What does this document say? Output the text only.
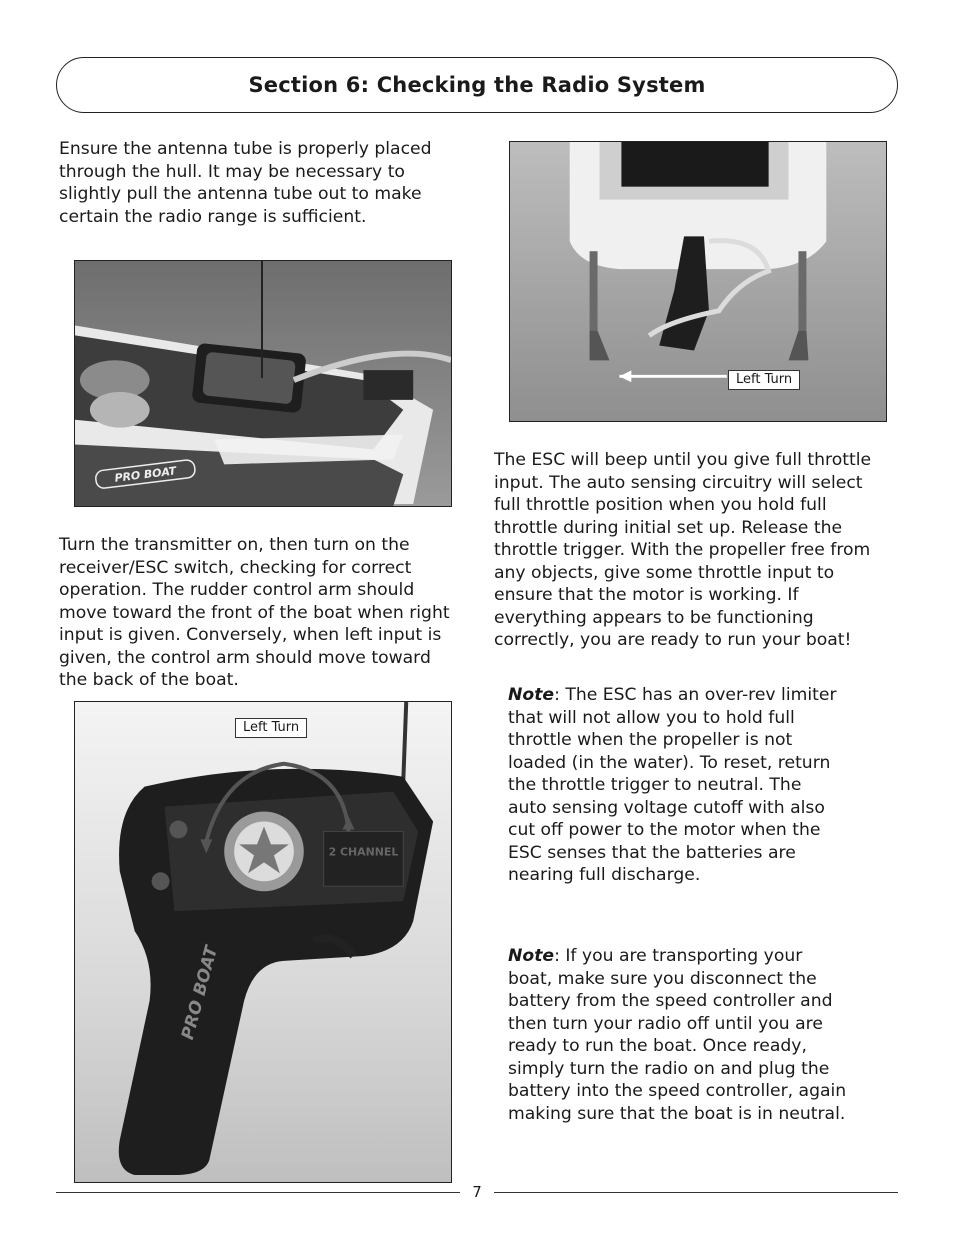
Section 6: Checking the Radio System

Ensure the antenna tube is properly placed through the hull. It may be necessary to slightly pull the antenna tube out to make certain the radio range is sufficient.

PRO BOAT

Turn the transmitter on, then turn on the receiver/ESC switch, checking for correct operation. The rudder control arm should move toward the front of the boat when right input is given. Conversely, when left input is given, the control arm should move toward the back of the boat.

2 CHANNEL
PRO BOAT
Left Turn
Left Turn

The ESC will beep until you give full throttle input. The auto sensing circuitry will select full throttle position when you hold full throttle during initial set up. Release the throttle trigger. With the propeller free from any objects, give some throttle input to ensure that the motor is working. If everything appears to be functioning correctly, you are ready to run your boat!

Note: The ESC has an over-rev limiter that will not allow you to hold full throttle when the propeller is not loaded (in the water). To reset, return the throttle trigger to neutral. The auto sensing voltage cutoff with also cut off power to the motor when the ESC senses that the batteries are nearing full discharge.

Note: If you are transporting your boat, make sure you disconnect the battery from the speed controller and then turn your radio off until you are ready to run the boat. Once ready, simply turn the radio on and plug the battery into the speed controller, again making sure that the boat is in neutral.

7
